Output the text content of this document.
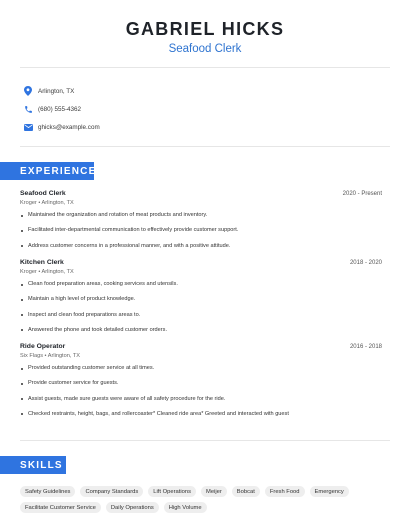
GABRIEL HICKS
Seafood Clerk
Arlington, TX
(680) 555-4362
ghicks@example.com
EXPERIENCE
Seafood Clerk	2020 - Present
Kroger • Arlington, TX
Maintained the organization and rotation of meat products and inventory.
Facilitated inter-departmental communication to effectively provide customer support.
Address customer concerns in a professional manner, and with a positive attitude.
Kitchen Clerk	2018 - 2020
Kroger • Arlington, TX
Clean food preparation areas, cooking services and utensils.
Maintain a high level of product knowledge.
Inspect and clean food preparations areas to.
Answered the phone and took detailed customer orders.
Ride Operator	2016 - 2018
Six Flags • Arlington, TX
Provided outstanding customer service at all times.
Provide customer service for guests.
Assist guests, made sure guests were aware of all safety procedure for the ride.
Checked restraints, height, bags, and rollercoaster* Cleaned ride area* Greeted and interacted with guest
SKILLS
Safety Guidelines	Company Standards	Lift Operations	Meijer	Bobcat	Fresh Food	Emergency
Facilitate Customer Service	Daily Operations	High Volume
